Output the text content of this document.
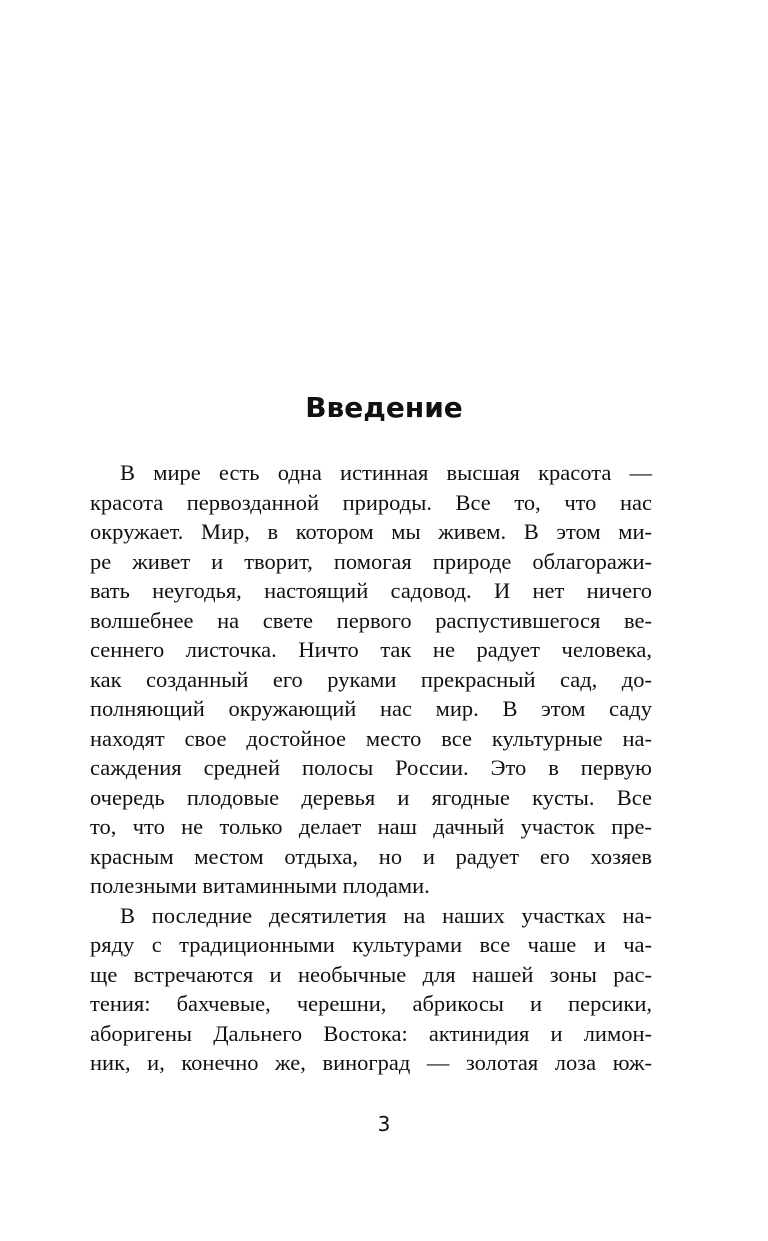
Введение
В мире есть одна истинная высшая красота —
красота первозданной природы. Все то, что нас
окружает. Мир, в котором мы живем. В этом ми-
ре живет и творит, помогая природе облагоражи-
вать неугодья, настоящий садовод. И нет ничего
волшебнее на свете первого распустившегося ве-
сеннего листочка. Ничто так не радует человека,
как созданный его руками прекрасный сад, до-
полняющий окружающий нас мир. В этом саду
находят свое достойное место все культурные на-
саждения средней полосы России. Это в первую
очередь плодовые деревья и ягодные кусты. Все
то, что не только делает наш дачный участок пре-
красным местом отдыха, но и радует его хозяев
полезными витаминными плодами.
В последние десятилетия на наших участках на-
ряду с традиционными культурами все чаше и ча-
ще встречаются и необычные для нашей зоны рас-
тения: бахчевые, черешни, абрикосы и персики,
аборигены Дальнего Востока: актинидия и лимон-
ник, и, конечно же, виноград — золотая лоза юж-
3
